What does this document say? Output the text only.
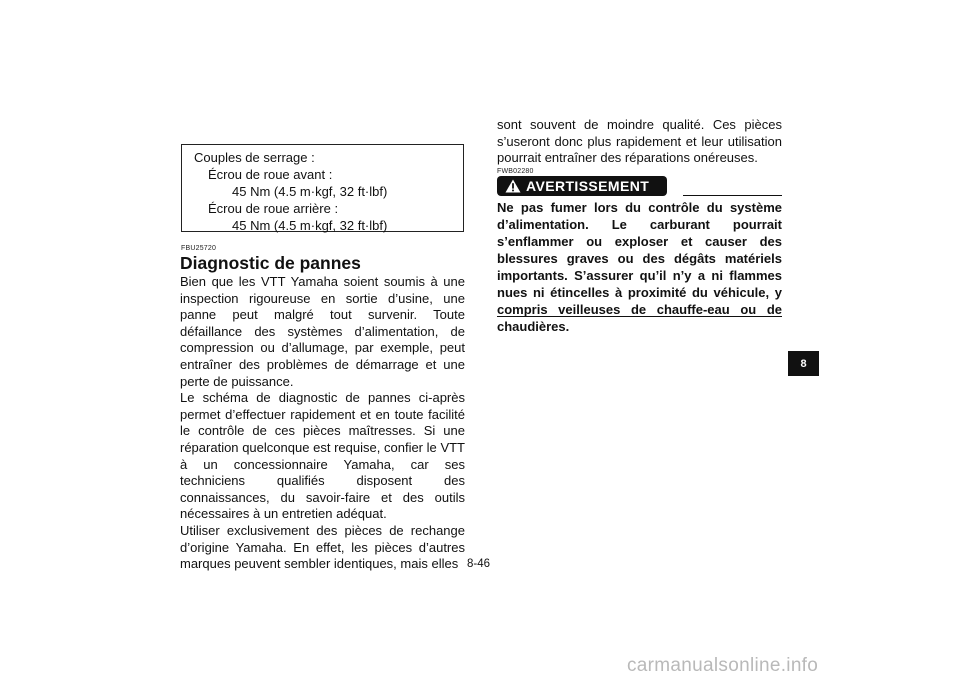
Couples de serrage :
Écrou de roue avant :
45 Nm (4.5 m·kgf, 32 ft·lbf)
Écrou de roue arrière :
45 Nm (4.5 m·kgf, 32 ft·lbf)
FBU25720
Diagnostic de pannes

Bien que les VTT Yamaha soient soumis à une inspection rigoureuse en sortie d’usine, une panne peut malgré tout survenir. Toute défaillance des systèmes d’alimentation, de compression ou d’allumage, par exemple, peut entraîner des problèmes de démarrage et une perte de puissance.

Le schéma de diagnostic de pannes ci-après permet d’effectuer rapidement et en toute facilité le contrôle de ces pièces maîtresses. Si une réparation quelconque est requise, confier le VTT à un concessionnaire Yamaha, car ses techniciens qualifiés disposent des connaissances, du savoir-faire et des outils nécessaires à un entretien adéquat.

Utiliser exclusivement des pièces de rechange d’origine Yamaha. En effet, les pièces d’autres marques peuvent sembler identiques, mais elles

sont souvent de moindre qualité. Ces pièces s’useront donc plus rapidement et leur utilisation pourrait entraîner des réparations onéreuses.

FWB02280
AVERTISSEMENT

Ne pas fumer lors du contrôle du système d’alimentation. Le carburant pourrait s’enflammer ou exploser et causer des blessures graves ou des dégâts matériels importants. S’assurer qu’il n’y a ni flammes nues ni étincelles à proximité du véhicule, y compris veilleuses de chauffe-eau ou de chaudières.

8-46
8
carmanualsonline.info
